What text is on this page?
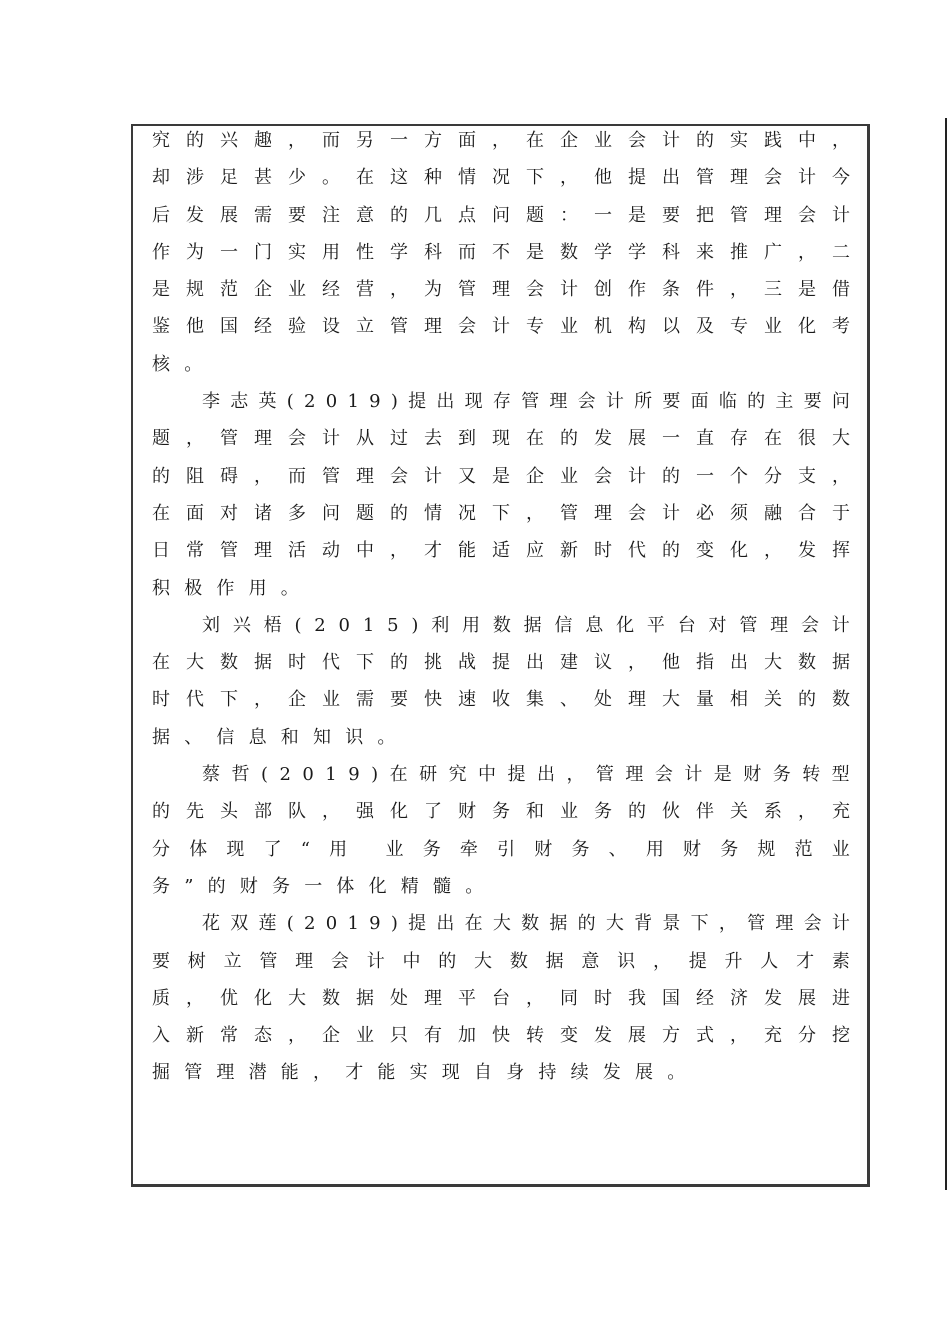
究 的 兴 趣 ， 而 另 一 方 面 ， 在 企 业 会 计 的 实 践 中 ，
却 涉 足 甚 少 。 在 这 种 情 况 下 ， 他 提 出 管 理 会 计 今
后 发 展 需 要 注 意 的 几 点 问 题 ： 一 是 要 把 管 理 会 计
作 为 一 门 实 用 性 学 科 而 不 是 数 学 学 科 来 推 广 ， 二
是 规 范 企 业 经 营 ， 为 管 理 会 计 创 作 条 件 ， 三 是 借
鉴 他 国 经 验 设 立 管 理 会 计 专 业 机 构 以 及 专 业 化 考
核。
李 志 英 ( 2 0 1 9 ) 提 出 现 存 管 理 会 计 所 要 面 临 的 主 要 问
题 ， 管 理 会 计 从 过 去 到 现 在 的 发 展 一 直 存 在 很 大
的 阻 碍 ， 而 管 理 会 计 又 是 企 业 会 计 的 一 个 分 支 ，
在 面 对 诸 多 问 题 的 情 况 下 ， 管 理 会 计 必 须 融 合 于
日 常 管 理 活 动 中 ， 才 能 适 应 新 时 代 的 变 化 ， 发 挥
积极作用。
刘 兴 梧 ( 2 0 1 5 ) 利 用 数 据 信 息 化 平 台 对 管 理 会 计
在 大 数 据 时 代 下 的 挑 战 提 出 建 议 ， 他 指 出 大 数 据
时 代 下 ， 企 业 需 要 快 速 收 集 、 处 理 大 量 相 关 的 数
据、信息和知识。
蔡 哲 ( 2 0 1 9 ) 在 研 究 中 提 出 ， 管 理 会 计 是 财 务 转 型
的 先 头 部 队 ， 强 化 了 财 务 和 业 务 的 伙 伴 关 系 ， 充
分 体 现 了 “ 用 业 务 牵 引 财 务 、 用 财 务 规 范 业
务”的财务一体化精髓。
花 双 莲 ( 2 0 1 9 ) 提 出 在 大 数 据 的 大 背 景 下 ， 管 理 会 计
要 树 立 管 理 会 计 中 的 大 数 据 意 识 ， 提 升 人 才 素
质 ， 优 化 大 数 据 处 理 平 台 ， 同 时 我 国 经 济 发 展 进
入 新 常 态 ， 企 业 只 有 加 快 转 变 发 展 方 式 ， 充 分 挖
掘管理潜能，才能实现自身持续发展。
